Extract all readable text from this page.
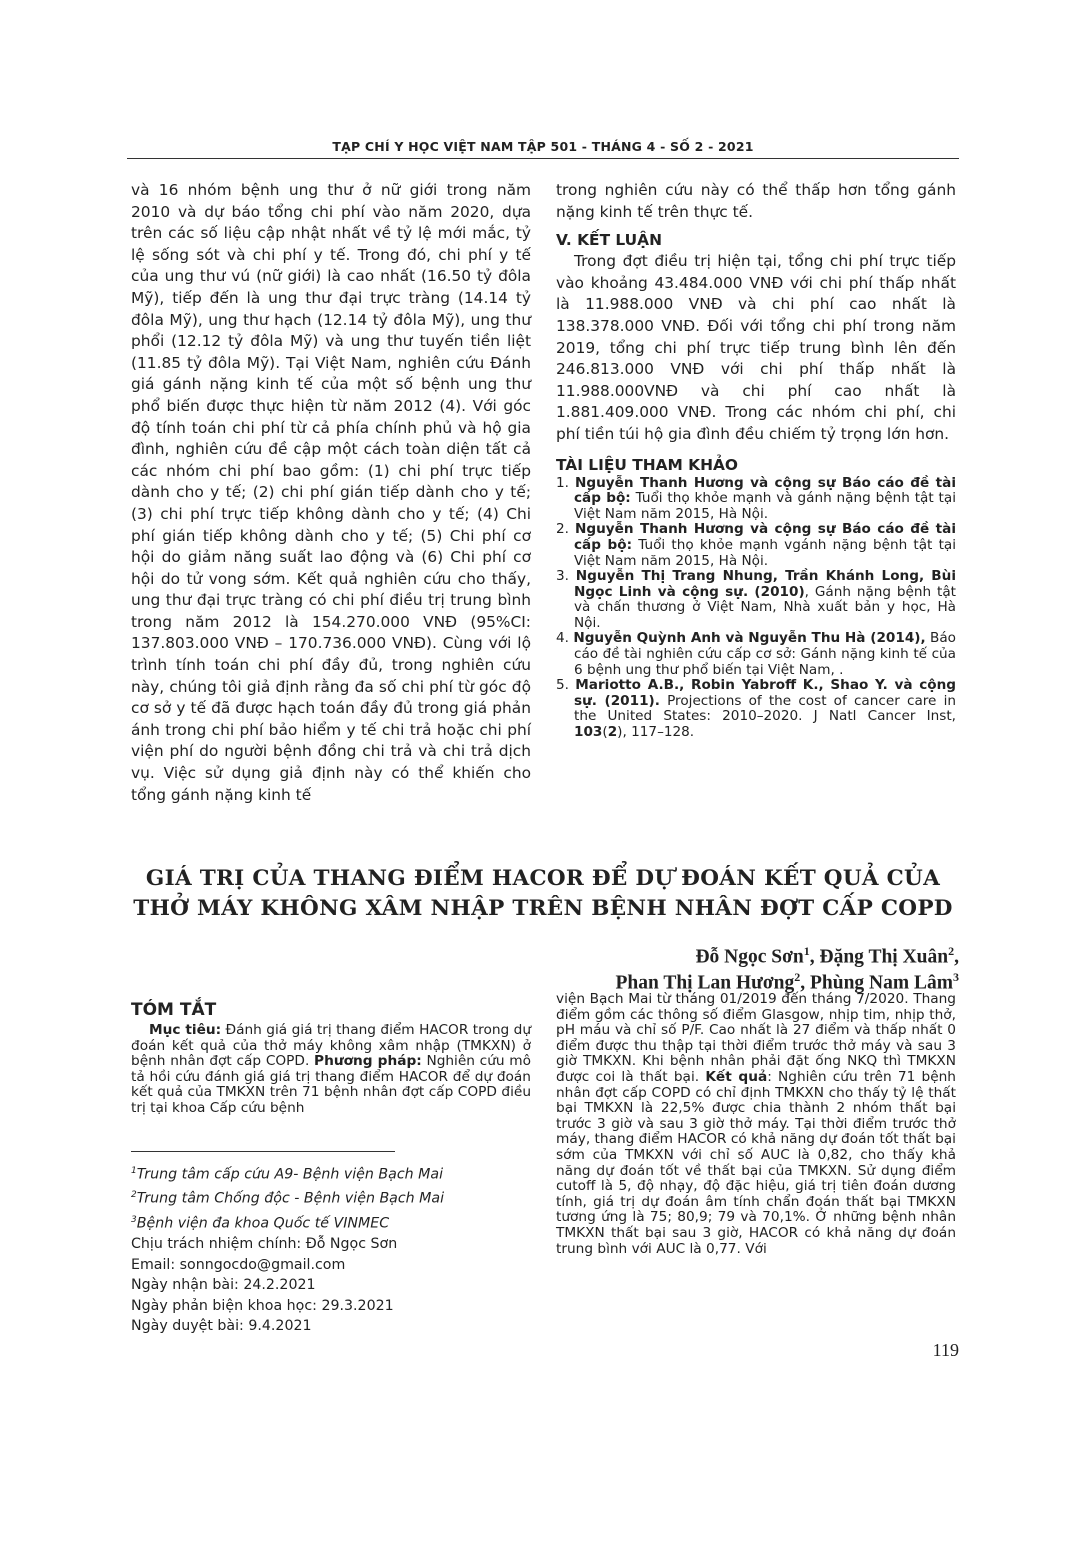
TẠP CHÍ Y HỌC VIỆT NAM TẬP 501 - THÁNG 4 - SỐ 2 - 2021

và 16 nhóm bệnh ung thư ở nữ giới trong năm 2010 và dự báo tổng chi phí vào năm 2020, dựa trên các số liệu cập nhật nhất về tỷ lệ mới mắc, tỷ lệ sống sót và chi phí y tế. Trong đó, chi phí y tế của ung thư vú (nữ giới) là cao nhất (16.50 tỷ đôla Mỹ), tiếp đến là ung thư đại trực tràng (14.14 tỷ đôla Mỹ), ung thư hạch (12.14 tỷ đôla Mỹ), ung thư phổi (12.12 tỷ đôla Mỹ) và ung thư tuyến tiền liệt (11.85 tỷ đôla Mỹ). Tại Việt Nam, nghiên cứu Đánh giá gánh nặng kinh tế của một số bệnh ung thư phổ biến được thực hiện từ năm 2012 (4). Với góc độ tính toán chi phí từ cả phía chính phủ và hộ gia đình, nghiên cứu đề cập một cách toàn diện tất cả các nhóm chi phí bao gồm: (1) chi phí trực tiếp dành cho y tế; (2) chi phí gián tiếp dành cho y tế; (3) chi phí trực tiếp không dành cho y tế; (4) Chi phí gián tiếp không dành cho y tế; (5) Chi phí cơ hội do giảm năng suất lao động và (6) Chi phí cơ hội do tử vong sớm. Kết quả nghiên cứu cho thấy, ung thư đại trực tràng có chi phí điều trị trung bình trong năm 2012 là 154.270.000 VNĐ (95%CI: 137.803.000 VNĐ – 170.736.000 VNĐ). Cùng với lộ trình tính toán chi phí đầy đủ, trong nghiên cứu này, chúng tôi giả định rằng đa số chi phí từ góc độ cơ sở y tế đã được hạch toán đầy đủ trong giá phản ánh trong chi phí bảo hiểm y tế chi trả hoặc chi phí viện phí do người bệnh đồng chi trả và chi trả dịch vụ. Việc sử dụng giả định này có thể khiến cho tổng gánh nặng kinh tế

trong nghiên cứu này có thể thấp hơn tổng gánh nặng kinh tế trên thực tế.

V. KẾT LUẬN

Trong đợt điều trị hiện tại, tổng chi phí trực tiếp vào khoảng 43.484.000 VNĐ với chi phí thấp nhất là 11.988.000 VNĐ và chi phí cao nhất là 138.378.000 VNĐ. Đối với tổng chi phí trong năm 2019, tổng chi phí trực tiếp trung bình lên đến 246.813.000 VNĐ với chi phí thấp nhất là 11.988.000VNĐ và chi phí cao nhất là 1.881.409.000 VNĐ. Trong các nhóm chi phí, chi phí tiền túi hộ gia đình đều chiếm tỷ trọng lớn hơn.

TÀI LIỆU THAM KHẢO

1. Nguyễn Thanh Hương và cộng sự Báo cáo đề tài cấp bộ: Tuổi thọ khỏe mạnh và gánh nặng bệnh tật tại Việt Nam năm 2015, Hà Nội.
2. Nguyễn Thanh Hương và cộng sự Báo cáo đề tài cấp bộ: Tuổi thọ khỏe mạnh vgánh nặng bệnh tật tại Việt Nam năm 2015, Hà Nội.
3. Nguyễn Thị Trang Nhung, Trần Khánh Long, Bùi Ngọc Linh và cộng sự. (2010), Gánh nặng bệnh tật và chấn thương ở Việt Nam, Nhà xuất bản y học, Hà Nội.
4. Nguyễn Quỳnh Anh và Nguyễn Thu Hà (2014), Báo cáo đề tài nghiên cứu cấp cơ sở: Gánh nặng kinh tế của 6 bệnh ung thư phổ biến tại Việt Nam, .
5. Mariotto A.B., Robin Yabroff K., Shao Y. và cộng sự. (2011). Projections of the cost of cancer care in the United States: 2010–2020. J Natl Cancer Inst, 103(2), 117–128.

GIÁ TRỊ CỦA THANG ĐIỂM HACOR ĐỂ DỰ ĐOÁN KẾT QUẢ CỦA

THỞ MÁY KHÔNG XÂM NHẬP TRÊN BỆNH NHÂN ĐỢT CẤP COPD

Đỗ Ngọc Sơn$^1$, Đặng Thị Xuân$^2$,

Phan Thị Lan Hương$^2$, Phùng Nam Lâm$^3$

TÓM TẮT

Mục tiêu: Đánh giá giá trị thang điểm HACOR trong dự đoán kết quả của thở máy không xâm nhập (TMKXN) ở bệnh nhân đợt cấp COPD. Phương pháp: Nghiên cứu mô tả hồi cứu đánh giá giá trị thang điểm HACOR để dự đoán kết quả của TMKXN trên 71 bệnh nhân đợt cấp COPD điều trị tại khoa Cấp cứu bệnh

viện Bạch Mai từ tháng 01/2019 đến tháng 7/2020. Thang điểm gồm các thông số điểm Glasgow, nhịp tim, nhịp thở, pH máu và chỉ số P/F. Cao nhất là 27 điểm và thấp nhất 0 điểm được thu thập tại thời điểm trước thở máy và sau 3 giờ TMKXN. Khi bệnh nhân phải đặt ống NKQ thì TMKXN được coi là thất bại. Kết quả: Nghiên cứu trên 71 bệnh nhân đợt cấp COPD có chỉ định TMKXN cho thấy tỷ lệ thất bại TMKXN là 22,5% được chia thành 2 nhóm thất bại trước 3 giờ và sau 3 giờ thở máy. Tại thời điểm trước thở máy, thang điểm HACOR có khả năng dự đoán tốt thất bại sớm của TMKXN với chỉ số AUC là 0,82, cho thấy khả năng dự đoán tốt về thất bại của TMKXN. Sử dụng điểm cutoff là 5, độ nhạy, độ đặc hiệu, giá trị tiên đoán dương tính, giá trị dự đoán âm tính chẩn đoán thất bại TMKXN tương ứng là 75; 80,9; 79 và 70,1%. Ở những bệnh nhân TMKXN thất bại sau 3 giờ, HACOR có khả năng dự đoán trung bình với AUC là 0,77. Với

$^1$Trung tâm cấp cứu A9- Bệnh viện Bạch Mai

$^2$Trung tâm Chống độc - Bệnh viện Bạch Mai

$^3$Bệnh viện đa khoa Quốc tế VINMEC

Chịu trách nhiệm chính: Đỗ Ngọc Sơn

Email: sonngocdo@gmail.com

Ngày nhận bài: 24.2.2021

Ngày phản biện khoa học: 29.3.2021

Ngày duyệt bài: 9.4.2021

119
